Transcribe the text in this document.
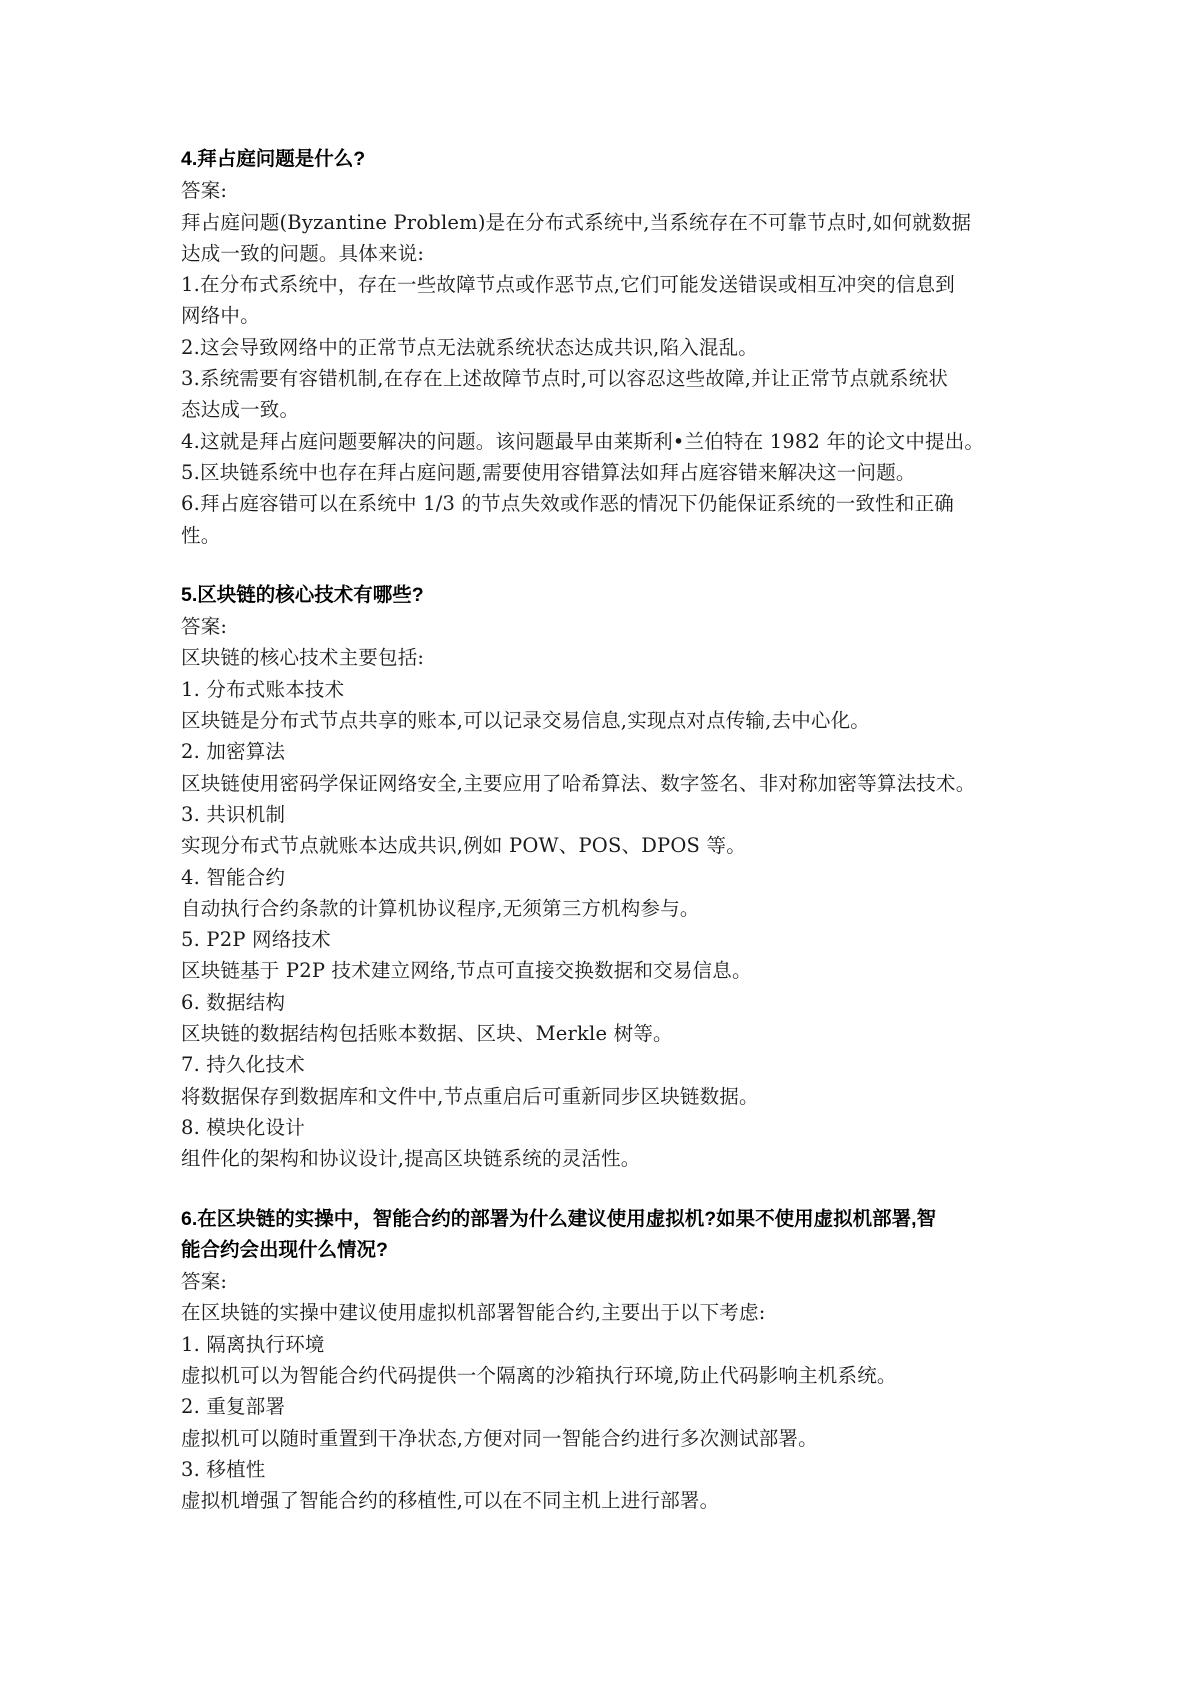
4.拜占庭问题是什么?
答案:
拜占庭问题(Byzantine Problem)是在分布式系统中,当系统存在不可靠节点时,如何就数据
达成一致的问题。具体来说:
1.在分布式系统中，存在一些故障节点或作恶节点,它们可能发送错误或相互冲突的信息到
网络中。
2.这会导致网络中的正常节点无法就系统状态达成共识,陷入混乱。
3.系统需要有容错机制,在存在上述故障节点时,可以容忍这些故障,并让正常节点就系统状
态达成一致。
4.这就是拜占庭问题要解决的问题。该问题最早由莱斯利•兰伯特在 1982 年的论文中提出。
5.区块链系统中也存在拜占庭问题,需要使用容错算法如拜占庭容错来解决这一问题。
6.拜占庭容错可以在系统中 1/3 的节点失效或作恶的情况下仍能保证系统的一致性和正确
性。
5.区块链的核心技术有哪些?
答案:
区块链的核心技术主要包括:
1. 分布式账本技术
区块链是分布式节点共享的账本,可以记录交易信息,实现点对点传输,去中心化。
2. 加密算法
区块链使用密码学保证网络安全,主要应用了哈希算法、数字签名、非对称加密等算法技术。
3. 共识机制
实现分布式节点就账本达成共识,例如 POW、POS、DPOS 等。
4. 智能合约
自动执行合约条款的计算机协议程序,无须第三方机构参与。
5. P2P 网络技术
区块链基于 P2P 技术建立网络,节点可直接交换数据和交易信息。
6. 数据结构
区块链的数据结构包括账本数据、区块、Merkle 树等。
7. 持久化技术
将数据保存到数据库和文件中,节点重启后可重新同步区块链数据。
8. 模块化设计
组件化的架构和协议设计,提高区块链系统的灵活性。
6.在区块链的实操中，智能合约的部署为什么建议使用虚拟机?如果不使用虚拟机部署,智
能合约会出现什么情况?
答案:
在区块链的实操中建议使用虚拟机部署智能合约,主要出于以下考虑:
1. 隔离执行环境
虚拟机可以为智能合约代码提供一个隔离的沙箱执行环境,防止代码影响主机系统。
2. 重复部署
虚拟机可以随时重置到干净状态,方便对同一智能合约进行多次测试部署。
3. 移植性
虚拟机增强了智能合约的移植性,可以在不同主机上进行部署。
